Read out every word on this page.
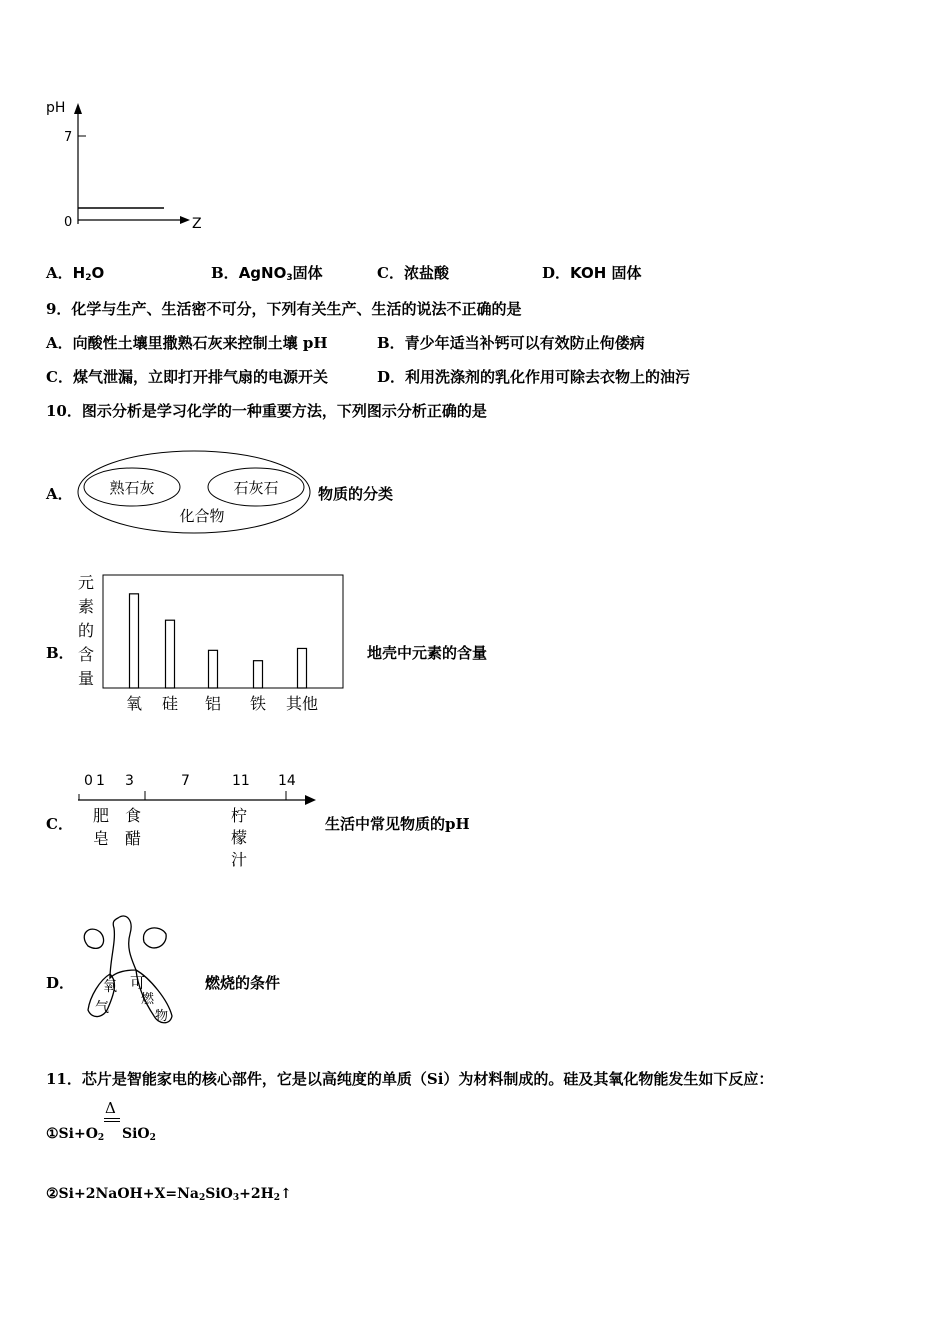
pH
7
0	Z
A．$H_2O$	B．AgNO$_3$固体	C．浓盐酸	D．KOH 固体
9．化学与生产、生活密不可分，下列有关生产、生活的说法不正确的是
A．向酸性土壤里撒熟石灰来控制土壤 pH	B．青少年适当补钙可以有效防止佝偻病
C．煤气泄漏，立即打开排气扇的电源开关	D．利用洗涤剂的乳化作用可除去衣物上的油污
10．图示分析是学习化学的一种重要方法，下列图示分析正确的是
A． 熟石灰	石灰石
化合物
物质的分类
B．
元
素
的
含
量
氧 硅 铝 铁 其他
地壳中元素的含量
C．
0 1 3	7	11 14
肥
皂
食
醋
柠
檬
汁
生活中常见物质的pH
D． 氧
气
可
燃
物
燃烧的条件
11．芯片是智能家电的核心部件，它是以高纯度的单质（Si）为材料制成的。硅及其氧化物能发生如下反应：
Δ
$①Si+O_2$ SiO$_2$
$②Si+2NaOH+X=Na_2SiO_3+2H_2↑$
